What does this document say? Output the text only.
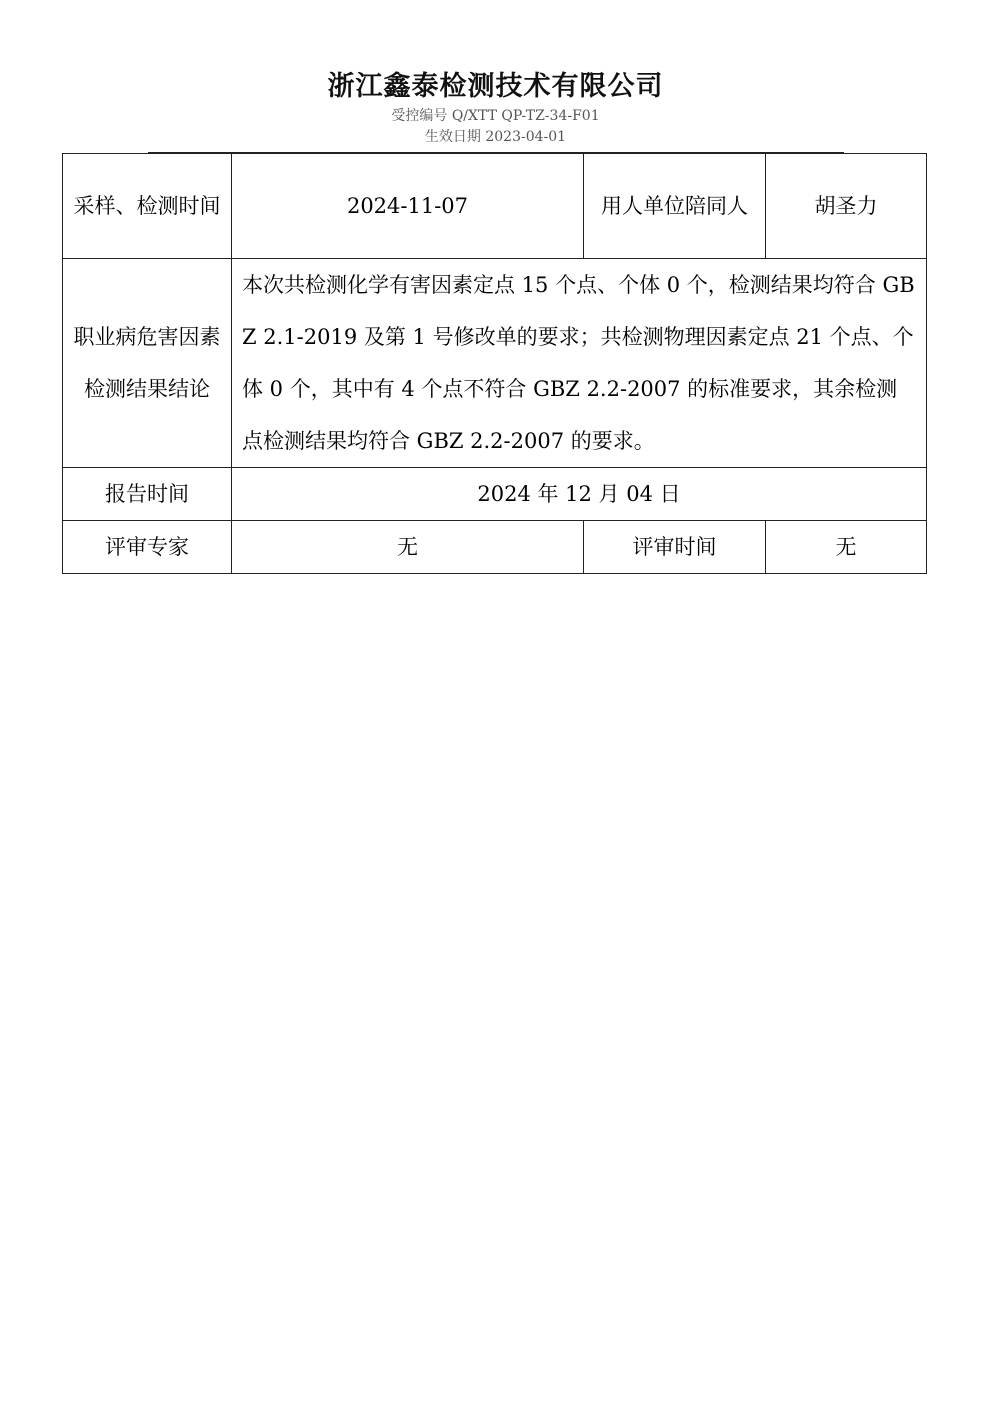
浙江鑫泰检测技术有限公司
受控编号 Q/XTT QP-TZ-34-F01
生效日期 2023-04-01
采样、检测时间	2024-11-07	用人单位陪同人	胡圣力
职业病危害因素检测结果结论	本次共检测化学有害因素定点 15 个点、个体 0 个，检测结果均符合 GBZ 2.1-2019 及第 1 号修改单的要求；共检测物理因素定点 21 个点、个体 0 个，其中有 4 个点不符合 GBZ 2.2-2007 的标准要求，其余检测点检测结果均符合 GBZ 2.2-2007 的要求。		
报告时间	2024 年 12 月 04 日		
评审专家	无	评审时间	无
